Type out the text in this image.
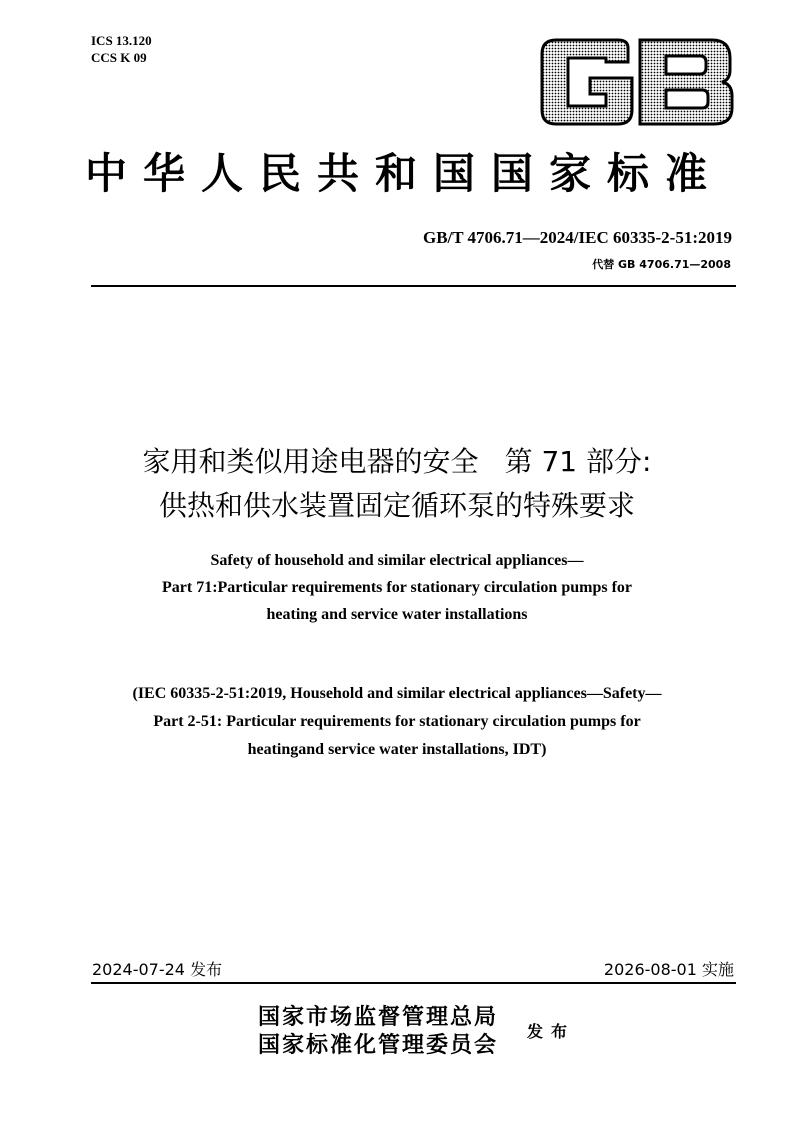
ICS 13.120
CCS K 09
中华人民共和国国家标准
GB/T 4706.71—2024/IEC 60335-2-51:2019
代替 GB 4706.71—2008
家用和类似用途电器的安全 第 71 部分:
供热和供水装置固定循环泵的特殊要求
Safety of household and similar electrical appliances—
Part 71:Particular requirements for stationary circulation pumps for
heating and service water installations
(IEC 60335-2-51:2019, Household and similar electrical appliances—Safety—
Part 2-51: Particular requirements for stationary circulation pumps for
heatingand service water installations, IDT)
2024-07-24 发布	2026-08-01 实施
国家市场监督管理总局
国家标准化管理委员会
发布
